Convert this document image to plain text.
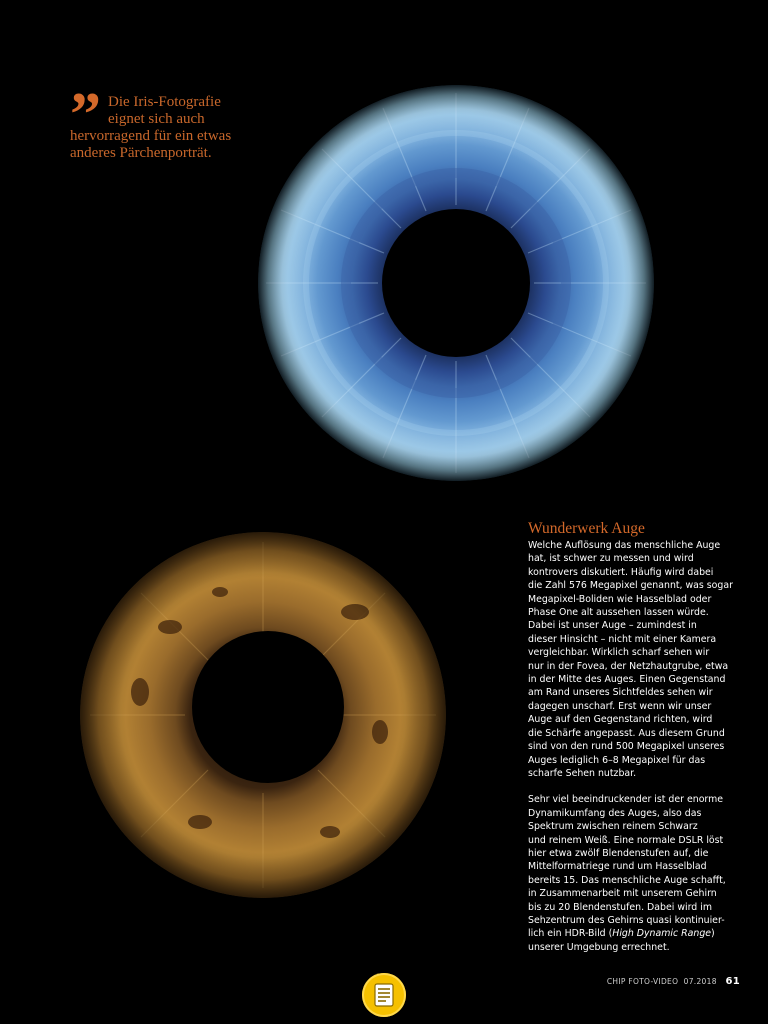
” Die Iris-Fotografie
eignet sich auch
hervorragend für ein etwas
anderes Pärchenporträt.
Wunderwerk Auge

Welche Auflösung das menschliche Auge
hat, ist schwer zu messen und wird
kontrovers diskutiert. Häufig wird dabei
die Zahl 576 Megapixel genannt, was sogar
Megapixel-Boliden wie Hasselblad oder
Phase One alt aussehen lassen würde.
Dabei ist unser Auge – zumindest in
dieser Hinsicht – nicht mit einer Kamera
vergleichbar. Wirklich scharf sehen wir
nur in der Fovea, der Netzhautgrube, etwa
in der Mitte des Auges. Einen Gegenstand
am Rand unseres Sichtfeldes sehen wir
dagegen unscharf. Erst wenn wir unser
Auge auf den Gegenstand richten, wird
die Schärfe angepasst. Aus diesem Grund
sind von den rund 500 Megapixel unseres
Auges lediglich 6–8 Megapixel für das
scharfe Sehen nutzbar.

Sehr viel beeindruckender ist der enorme
Dynamikumfang des Auges, also das
Spektrum zwischen reinem Schwarz
und reinem Weiß. Eine normale DSLR löst
hier etwa zwölf Blendenstufen auf, die
Mittelformatriege rund um Hasselblad
bereits 15. Das menschliche Auge schafft,
in Zusammenarbeit mit unserem Gehirn
bis zu 20 Blendenstufen. Dabei wird im
Sehzentrum des Gehirns quasi kontinuier-
lich ein HDR-Bild (High Dynamic Range)
unserer Umgebung errechnet.

CHIP FOTO-VIDEO 07.2018 61
